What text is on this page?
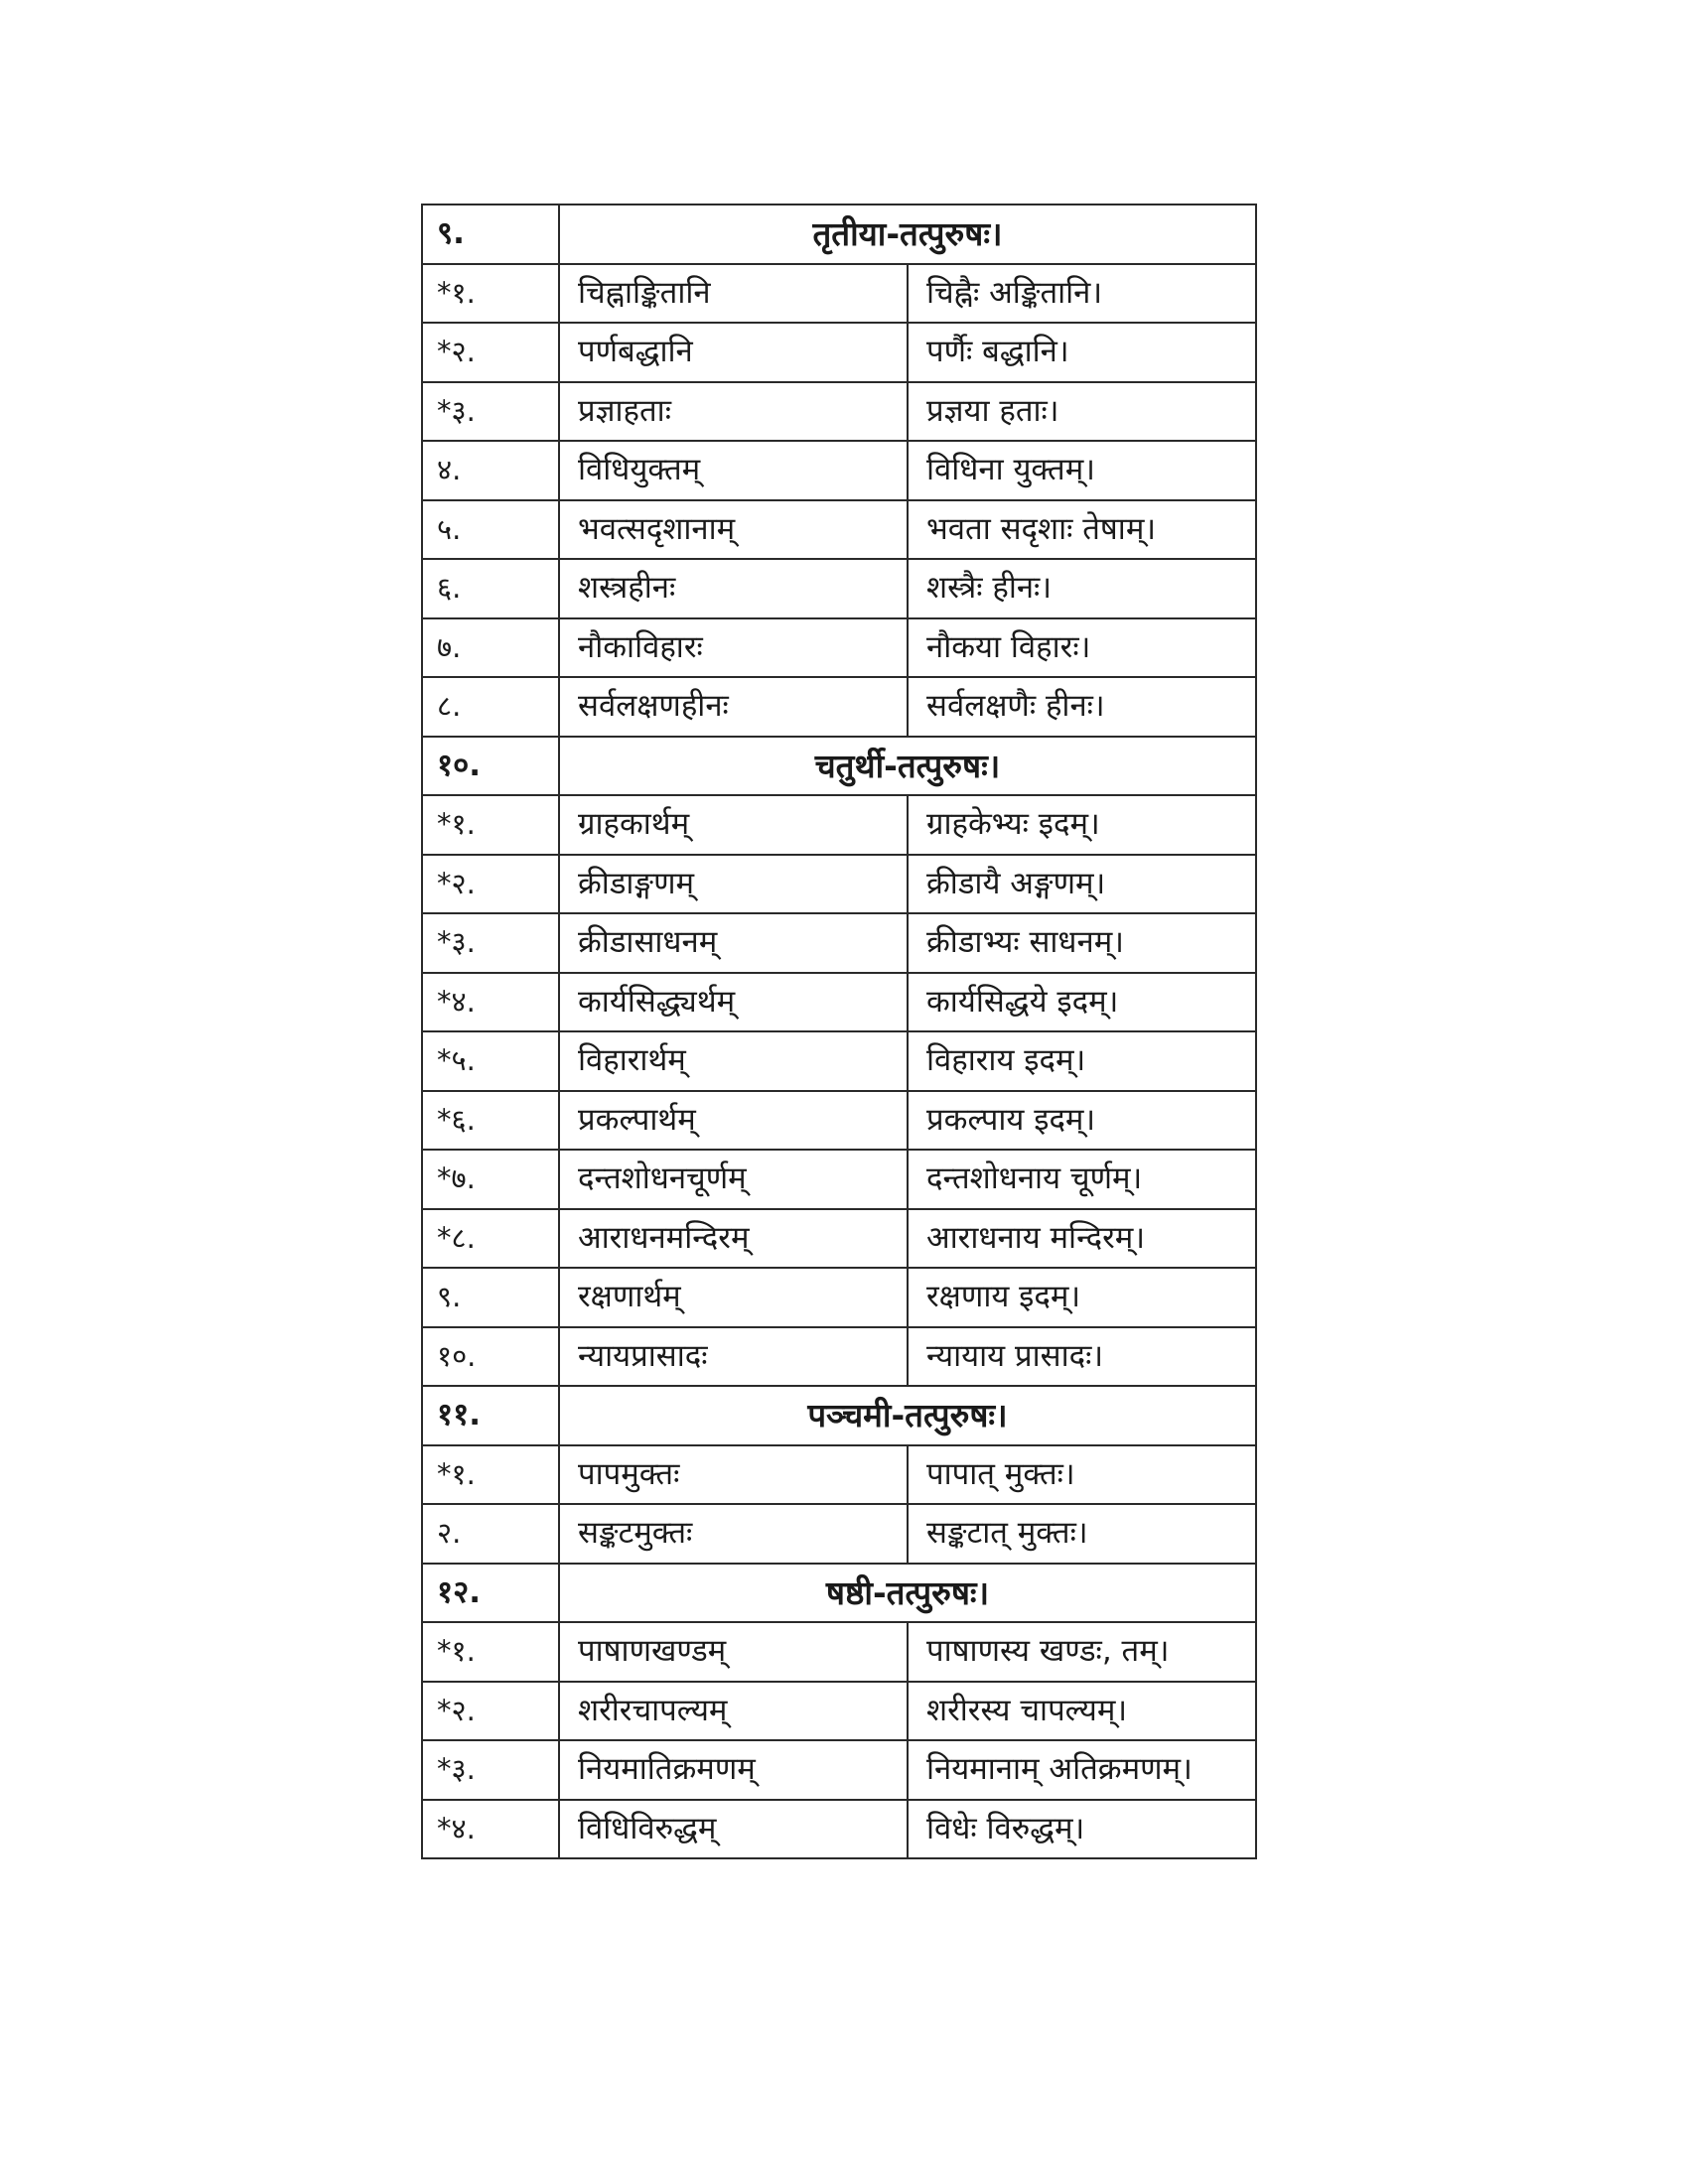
९.	तृतीया-तत्पुरुषः।	
*१.	चिह्नाङ्कितानि	चिह्नैः अङ्कितानि।
*२.	पर्णबद्धानि	पर्णैः बद्धानि।
*३.	प्रज्ञाहताः	प्रज्ञया हताः।
४.	विधियुक्तम्	विधिना युक्तम्।
५.	भवत्सदृशानाम्	भवता सदृशाः तेषाम्।
६.	शस्त्रहीनः	शस्त्रैः हीनः।
७.	नौकाविहारः	नौकया विहारः।
८.	सर्वलक्षणहीनः	सर्वलक्षणैः हीनः।
१०.	चतुर्थी-तत्पुरुषः।	
*१.	ग्राहकार्थम्	ग्राहकेभ्यः इदम्।
*२.	क्रीडाङ्गणम्	क्रीडायै अङ्गणम्।
*३.	क्रीडासाधनम्	क्रीडाभ्यः साधनम्।
*४.	कार्यसिद्ध्यर्थम्	कार्यसिद्धये इदम्।
*५.	विहारार्थम्	विहाराय इदम्।
*६.	प्रकल्पार्थम्	प्रकल्पाय इदम्।
*७.	दन्तशोधनचूर्णम्	दन्तशोधनाय चूर्णम्।
*८.	आराधनमन्दिरम्	आराधनाय मन्दिरम्।
९.	रक्षणार्थम्	रक्षणाय इदम्।
१०.	न्यायप्रासादः	न्यायाय प्रासादः।
११.	पञ्चमी-तत्पुरुषः।	
*१.	पापमुक्तः	पापात् मुक्तः।
२.	सङ्कटमुक्तः	सङ्कटात् मुक्तः।
१२.	षष्ठी-तत्पुरुषः।	
*१.	पाषाणखण्डम्	पाषाणस्य खण्डः, तम्।
*२.	शरीरचापल्यम्	शरीरस्य चापल्यम्।
*३.	नियमातिक्रमणम्	नियमानाम् अतिक्रमणम्।
*४.	विधिविरुद्धम्	विधेः विरुद्धम्।
